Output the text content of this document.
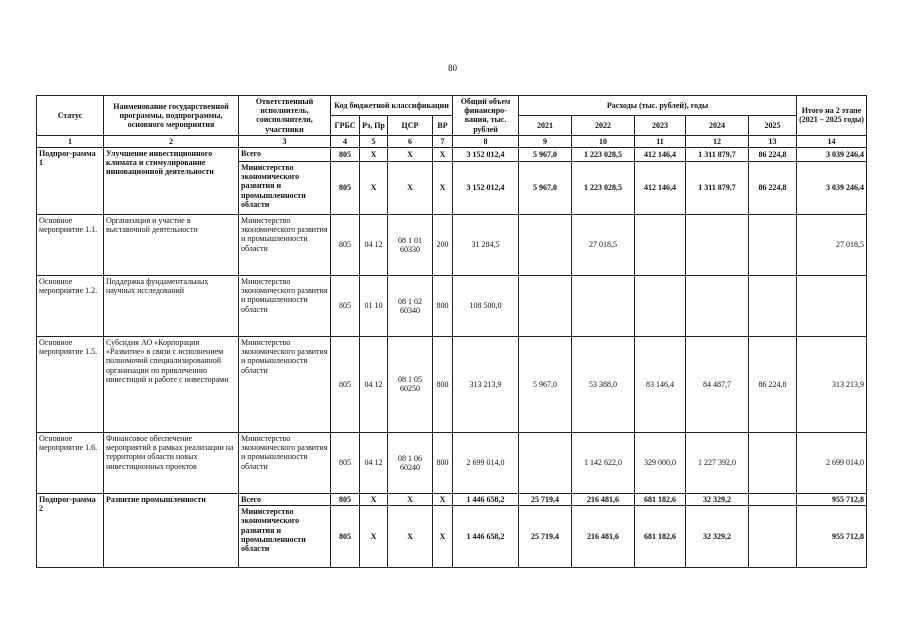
80
Статус	Наименование государственной программы, подпрограммы, основного мероприятия	Ответственный исполнитель, соисполнители, участники	Код бюджетной классификации				Общий объем финансиро-вания, тыс. рублей	Расходы (тыс. рублей), годы					Итого на 2 этапе (2021 – 2025 годы)
			ГРБС	Рз, Пр	ЦСР	ВР		2021	2022	2023	2024	2025	
1	2	3	4	5	6	7	8	9	10	11	12	13	14
Подпрог-рамма 1	Улучшение инвестиционного климата и стимулирование инновационной деятельности	Всего	805	X	X	X	3 152 012,4	5 967,0	1 223 028,5	412 146,4	1 311 879,7	86 224,8	3 039 246,4
		Министерство экономического развития и промышленности области	805	X	X	X	3 152 012,4	5 967,0	1 223 028,5	412 146,4	1 311 879,7	86 224,8	3 039 246,4
Основное мероприятие 1.1.	Организация и участие в выставочной деятельности	Министерство экономического развития и промышленности области	805	04 12	08 1 01 60330	200	31 284,5		27 018,5				27 018,5
Основное мероприятие 1.2.	Поддержка фундаментальных научных исследований	Министерство экономического развития и промышленности области	805	01 10	08 1 02 60340	800	108 500,0						
Основное мероприятие 1.5.	Субсидия АО «Корпорация «Развитие» в связи с исполнением полномочий специализированной организации по привлечению инвестиций и работе с инвесторами	Министерство экономического развития и промышленности области	805	04 12	08 1 05 60250	800	313 213,9	5 967,0	53 388,0	83 146,4	84 487,7	86 224,8	313 213,9
Основное мероприятие 1.6.	Финансовое обеспечение мероприятий в рамках реализации на территории области новых инвестиционных проектов	Министерство экономического развития и промышленности области	805	04 12	08 1 06 60240	800	2 699 014,0		1 142 622,0	329 000,0	1 227 392,0		2 699 014,0
Подпрог-рамма 2	Развитие промышленности	Всего	805	X	X	X	1 446 658,2	25 719,4	216 481,6	681 182,6	32 329,2		955 712,8
		Министерство экономического развития и промышленности области	805	X	X	X	1 446 658,2	25 719,4	216 481,6	681 182,6	32 329,2		955 712,8
